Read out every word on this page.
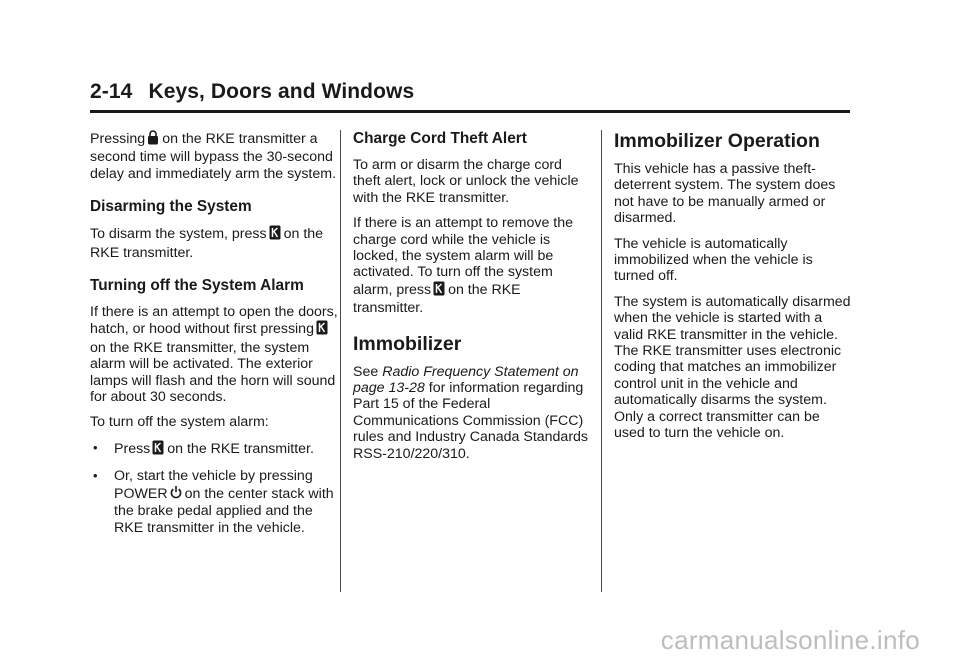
2-14 Keys, Doors and Windows

Pressing on the RKE transmitter a second time will bypass the 30-second delay and immediately arm the system.

Disarming the System

To disarm the system, press on the RKE transmitter.

Turning off the System Alarm

If there is an attempt to open the doors, hatch, or hood without first pressingon the RKE transmitter, the system alarm will be activated. The exterior lamps will flash and the horn will sound for about 30 seconds.

To turn off the system alarm:

• Press on the RKE transmitter.
• Or, start the vehicle by pressing POWER on the center stack with the brake pedal applied and the RKE transmitter in the vehicle.
Charge Cord Theft Alert

To arm or disarm the charge cord theft alert, lock or unlock the vehicle with the RKE transmitter.

If there is an attempt to remove the charge cord while the vehicle is locked, the system alarm will be activated. To turn off the system alarm, press on the RKE transmitter.

Immobilizer

See Radio Frequency Statement on page 13-28 for information regarding Part 15 of the Federal Communications Commission (FCC) rules and Industry Canada Standards RSS-210/220/310.

Immobilizer Operation

This vehicle has a passive theft-deterrent system. The system does not have to be manually armed or disarmed.

The vehicle is automatically immobilized when the vehicle is turned off.

The system is automatically disarmed when the vehicle is started with a valid RKE transmitter in the vehicle. The RKE transmitter uses electronic coding that matches an immobilizer control unit in the vehicle and automatically disarms the system. Only a correct transmitter can be used to turn the vehicle on.

carmanualsonline.info
